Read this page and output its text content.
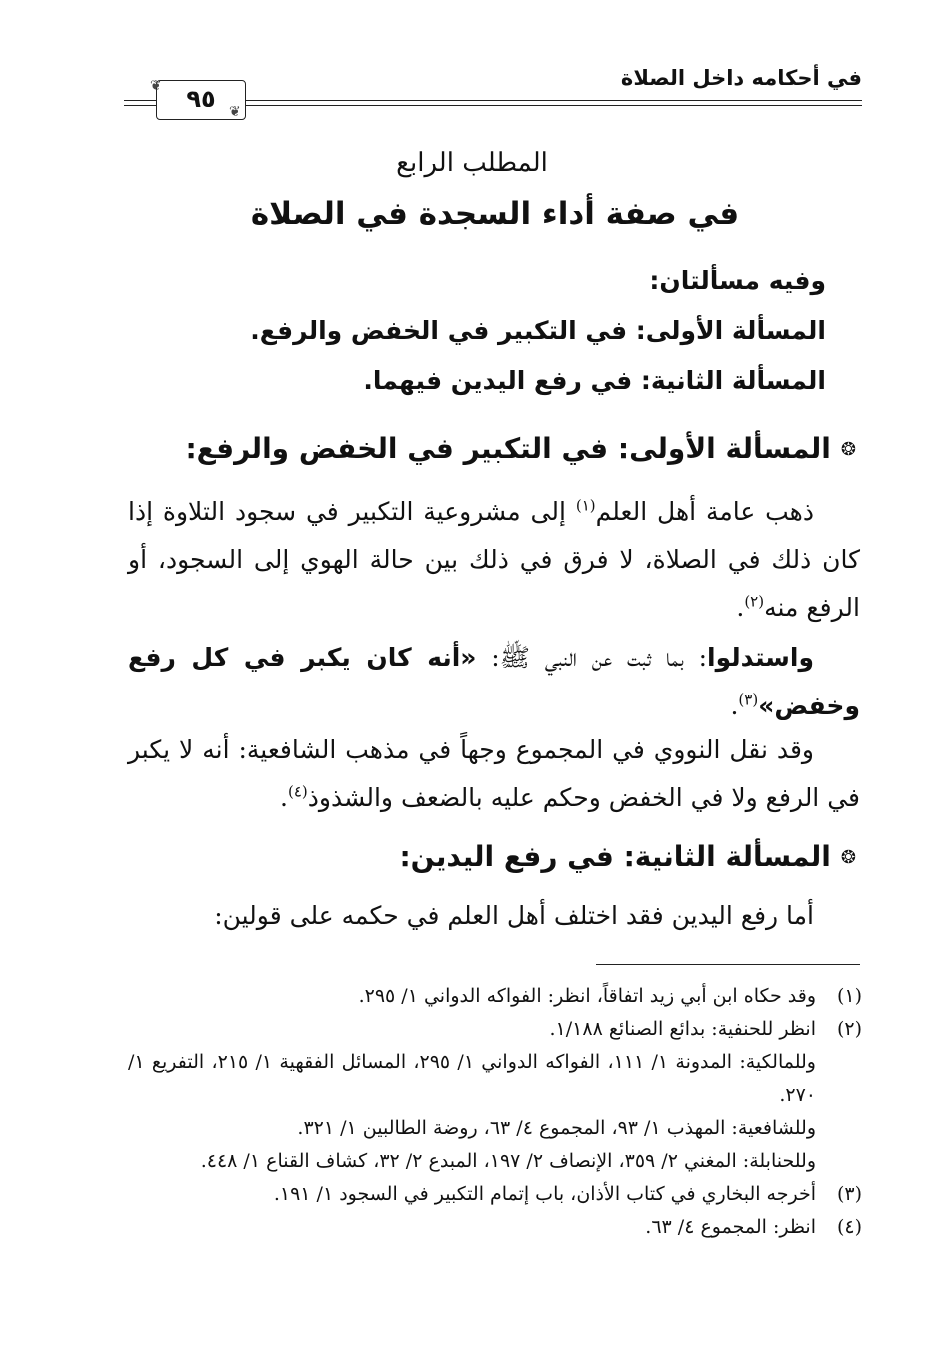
في أحكامه داخل الصلاة
٩٥
❦
❦
المطلب الرابع
في صفة أداء السجدة في الصلاة
وفيه مسألتان:
المسألة الأولى: في التكبير في الخفض والرفع.
المسألة الثانية: في رفع اليدين فيهما.
❂المسألة الأولى: في التكبير في الخفض والرفع:
ذهب عامة أهل العلم$^{(١)}$ إلى مشروعية التكبير في سجود التلاوة إذا كان ذلك في الصلاة، لا فرق في ذلك بين حالة الهوي إلى السجود، أو الرفع منه$^{(٢)}$.
واستدلوا: بما ثبت عن النبي ﷺ: «أنه كان يكبر في كل رفع وخفض»$^{(٣)}$.
وقد نقل النووي في المجموع وجهاً في مذهب الشافعية: أنه لا يكبر في الرفع ولا في الخفض وحكم عليه بالضعف والشذوذ$^{(٤)}$.
❂المسألة الثانية: في رفع اليدين:
أما رفع اليدين فقد اختلف أهل العلم في حكمه على قولين:
(١)
وقد حكاه ابن أبي زيد اتفاقاً، انظر: الفواكه الدواني ١/ ٢٩٥.
(٢)
انظر للحنفية: بدائع الصنائع ١/١٨٨.
وللمالكية: المدونة ١/ ١١١، الفواكه الدواني ١/ ٢٩٥، المسائل الفقهية ١/ ٢١٥، التفريع ١/ ٢٧٠.
وللشافعية: المهذب ١/ ٩٣، المجموع ٤/ ٦٣، روضة الطالبين ١/ ٣٢١.
وللحنابلة: المغني ٢/ ٣٥٩، الإنصاف ٢/ ١٩٧، المبدع ٢/ ٣٢، كشاف القناع ١/ ٤٤٨.
(٣)
أخرجه البخاري في كتاب الأذان، باب إتمام التكبير في السجود ١/ ١٩١.
(٤)
انظر: المجموع ٤/ ٦٣.
